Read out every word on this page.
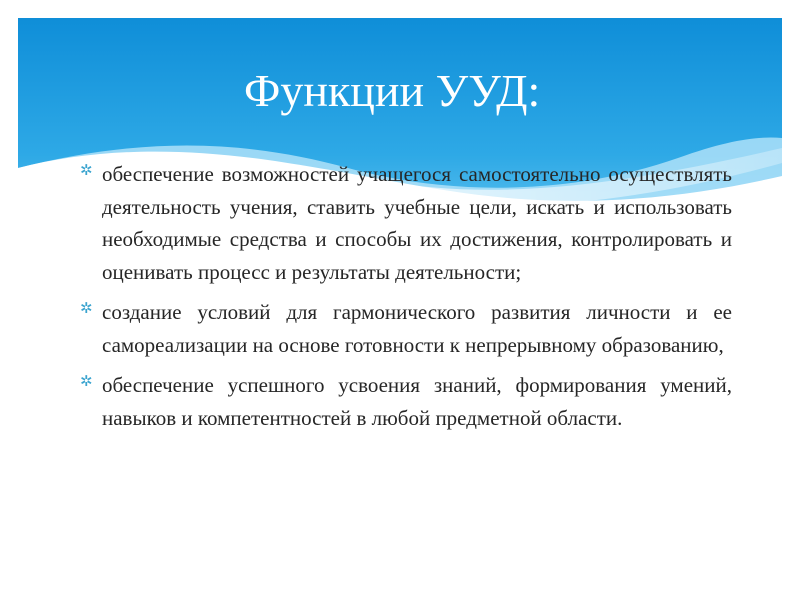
Функции УУД:
✲ обеспечение возможностей учащегося самостоятельно осуществлять деятельность учения, ставить учебные цели, искать и использовать необходимые средства и способы их достижения, контролировать и оценивать процесс и результаты деятельности;
✲ создание условий для гармонического развития личности и ее самореализации на основе готовности к непрерывному образованию,
✲ обеспечение успешного усвоения знаний, формирования умений, навыков и компетентностей в любой предметной области.
